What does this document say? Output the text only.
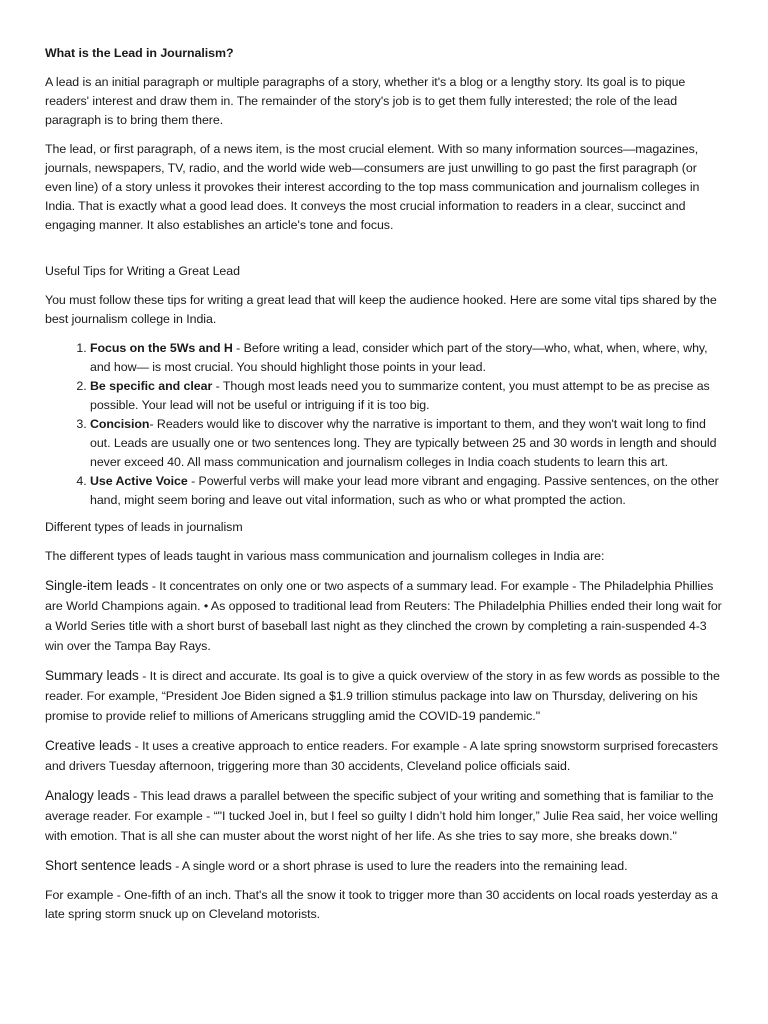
What is the Lead in Journalism?

A lead is an initial paragraph or multiple paragraphs of a story, whether it's a blog or a lengthy story. Its goal is to pique readers' interest and draw them in. The remainder of the story's job is to get them fully interested; the role of the lead paragraph is to bring them there.

The lead, or first paragraph, of a news item, is the most crucial element. With so many information sources—magazines, journals, newspapers, TV, radio, and the world wide web—consumers are just unwilling to go past the first paragraph (or even line) of a story unless it provokes their interest according to the top mass communication and journalism colleges in India. That is exactly what a good lead does. It conveys the most crucial information to readers in a clear, succinct and engaging manner. It also establishes an article's tone and focus.

Useful Tips for Writing a Great Lead

You must follow these tips for writing a great lead that will keep the audience hooked. Here are some vital tips shared by the best journalism college in India.

1. Focus on the 5Ws and H - Before writing a lead, consider which part of the story—who, what, when, where, why, and how— is most crucial. You should highlight those points in your lead.
2. Be specific and clear - Though most leads need you to summarize content, you must attempt to be as precise as possible. Your lead will not be useful or intriguing if it is too big.
3. Concision- Readers would like to discover why the narrative is important to them, and they won't wait long to find out. Leads are usually one or two sentences long. They are typically between 25 and 30 words in length and should never exceed 40. All mass communication and journalism colleges in India coach students to learn this art.
4. Use Active Voice - Powerful verbs will make your lead more vibrant and engaging. Passive sentences, on the other hand, might seem boring and leave out vital information, such as who or what prompted the action.

Different types of leads in journalism

The different types of leads taught in various mass communication and journalism colleges in India are:

Single-item leads - It concentrates on only one or two aspects of a summary lead. For example - The Philadelphia Phillies are World Champions again. • As opposed to traditional lead from Reuters: The Philadelphia Phillies ended their long wait for a World Series title with a short burst of baseball last night as they clinched the crown by completing a rain-suspended 4-3 win over the Tampa Bay Rays.

Summary leads - It is direct and accurate. Its goal is to give a quick overview of the story in as few words as possible to the reader. For example, “President Joe Biden signed a $1.9 trillion stimulus package into law on Thursday, delivering on his promise to provide relief to millions of Americans struggling amid the COVID-19 pandemic."

Creative leads - It uses a creative approach to entice readers. For example - A late spring snowstorm surprised forecasters and drivers Tuesday afternoon, triggering more than 30 accidents, Cleveland police officials said.

Analogy leads - This lead draws a parallel between the specific subject of your writing and something that is familiar to the average reader. For example - “"I tucked Joel in, but I feel so guilty I didn’t hold him longer,” Julie Rea said, her voice welling with emotion. That is all she can muster about the worst night of her life. As she tries to say more, she breaks down."

Short sentence leads - A single word or a short phrase is used to lure the readers into the remaining lead.

For example - One-fifth of an inch. That's all the snow it took to trigger more than 30 accidents on local roads yesterday as a late spring storm snuck up on Cleveland motorists.
